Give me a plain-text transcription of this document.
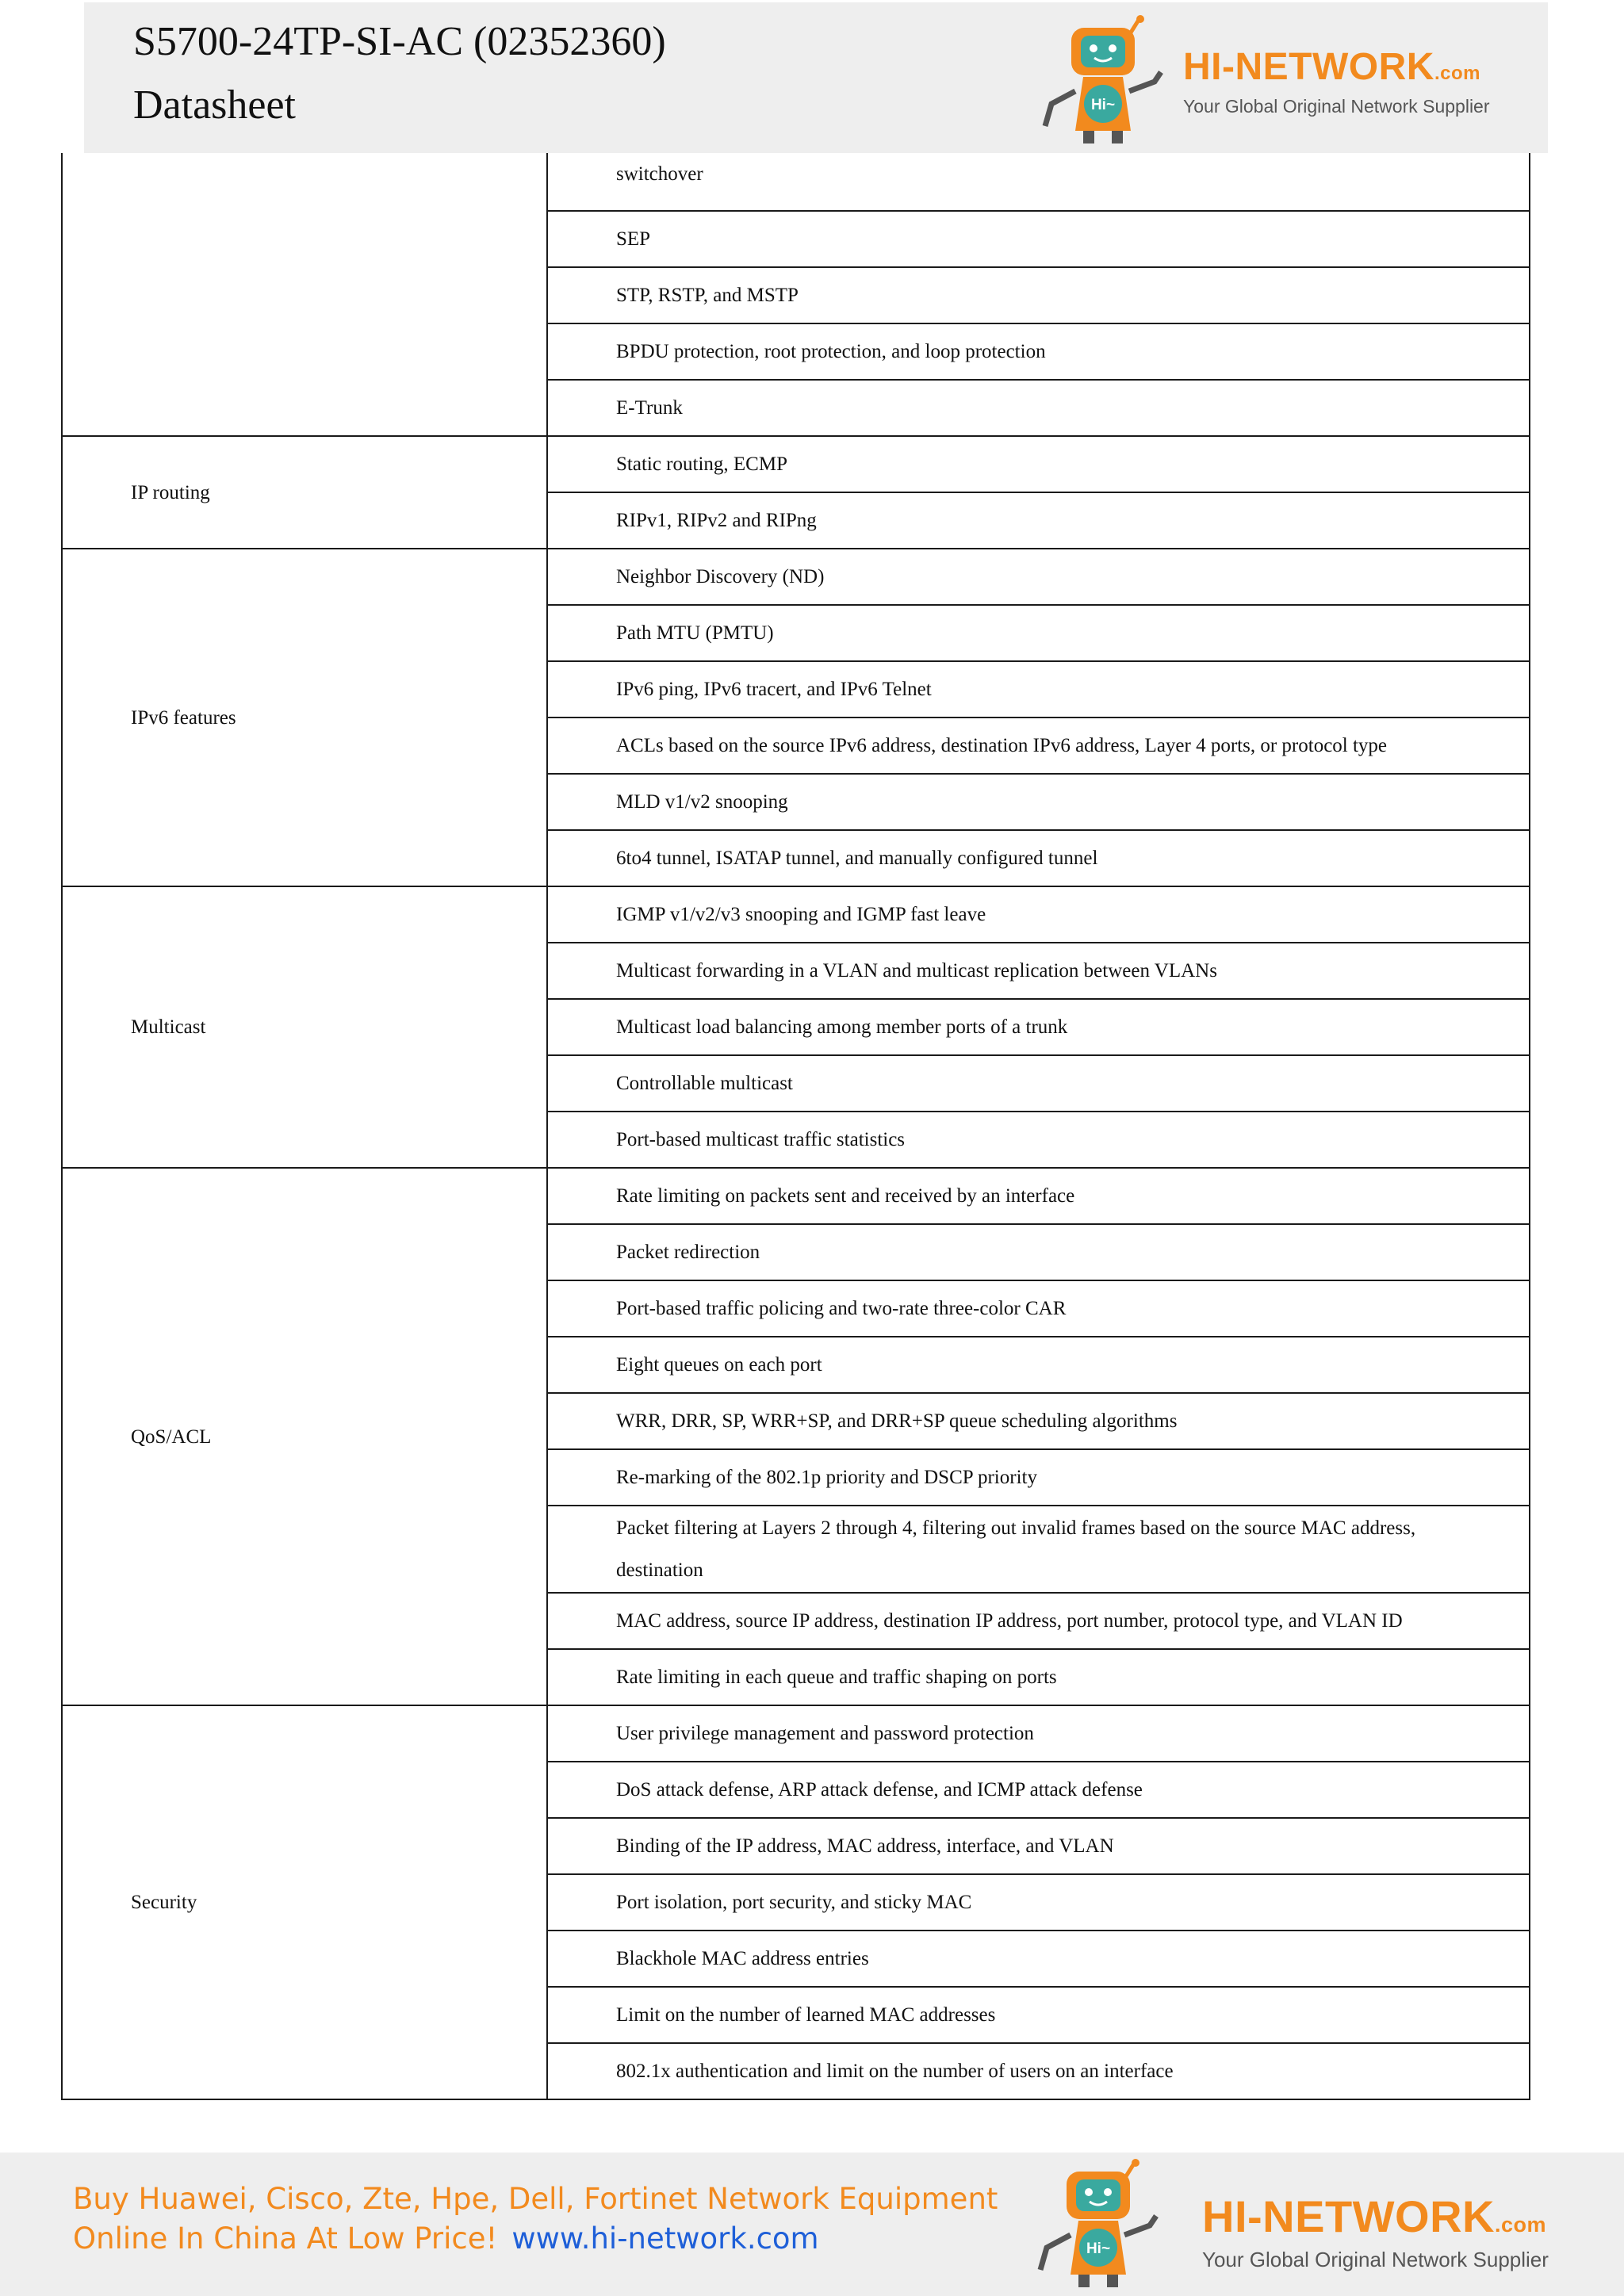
S5700-24TP-SI-AC (02352360)
Datasheet	Hi~
HI-NETWORK.com
Your Global Original Network Supplier
	switchover
	SEP
	STP, RSTP, and MSTP
	BPDU protection, root protection, and loop protection
	E-Trunk
IP routing	Static routing, ECMP
	RIPv1, RIPv2 and RIPng
IPv6 features	Neighbor Discovery (ND)
	Path MTU (PMTU)
	IPv6 ping, IPv6 tracert, and IPv6 Telnet
	ACLs based on the source IPv6 address, destination IPv6 address, Layer 4 ports, or protocol type
	MLD v1/v2 snooping
	6to4 tunnel, ISATAP tunnel, and manually configured tunnel
Multicast	IGMP v1/v2/v3 snooping and IGMP fast leave
	Multicast forwarding in a VLAN and multicast replication between VLANs
	Multicast load balancing among member ports of a trunk
	Controllable multicast
	Port-based multicast traffic statistics
QoS/ACL	Rate limiting on packets sent and received by an interface
	Packet redirection
	Port-based traffic policing and two-rate three-color CAR
	Eight queues on each port
	WRR, DRR, SP, WRR+SP, and DRR+SP queue scheduling algorithms
	Re-marking of the 802.1p priority and DSCP priority
	Packet filtering at Layers 2 through 4, filtering out invalid frames based on the source MAC address, destination
	MAC address, source IP address, destination IP address, port number, protocol type, and VLAN ID
	Rate limiting in each queue and traffic shaping on ports
Security	User privilege management and password protection
	DoS attack defense, ARP attack defense, and ICMP attack defense
	Binding of the IP address, MAC address, interface, and VLAN
	Port isolation, port security, and sticky MAC
	Blackhole MAC address entries
	Limit on the number of learned MAC addresses
	802.1x authentication and limit on the number of users on an interface
Buy Huawei, Cisco, Zte, Hpe, Dell, Fortinet Network Equipment
Online In China At Low Price! www.hi-network.com	Hi~
HI-NETWORK.com
Your Global Original Network Supplier
